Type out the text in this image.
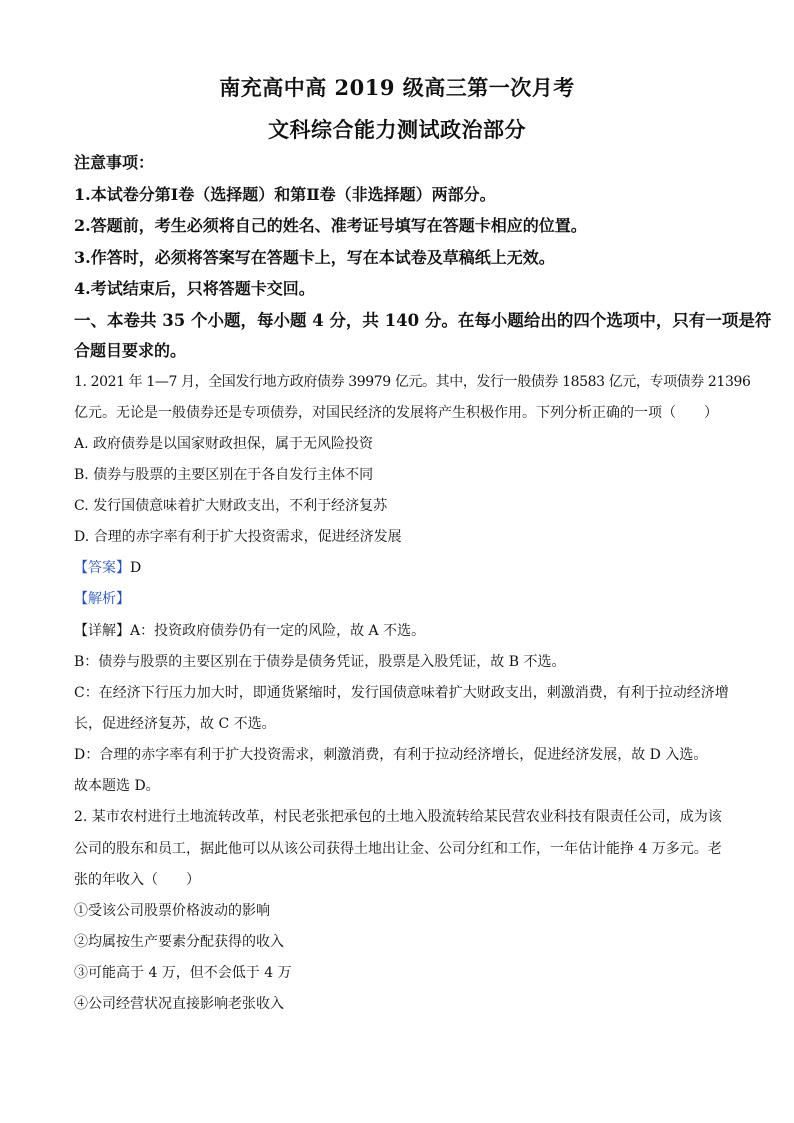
南充高中高 2019 级高三第一次月考
文科综合能力测试政治部分
注意事项：
1.本试卷分第Ⅰ卷（选择题）和第Ⅱ卷（非选择题）两部分。
2.答题前，考生必须将自己的姓名、准考证号填写在答题卡相应的位置。
3.作答时，必须将答案写在答题卡上，写在本试卷及草稿纸上无效。
4.考试结束后，只将答题卡交回。
一、本卷共 35 个小题，每小题 4 分，共 140 分。在每小题给出的四个选项中，只有一项是符
合题目要求的。
1. 2021 年 1—7 月，全国发行地方政府债券 39979 亿元。其中，发行一般债券 18583 亿元，专项债券 21396
亿元。无论是一般债券还是专项债券，对国民经济的发展将产生积极作用。下列分析正确的一项（　　）
A. 政府债券是以国家财政担保，属于无风险投资
B. 债券与股票的主要区别在于各自发行主体不同
C. 发行国债意味着扩大财政支出，不利于经济复苏
D. 合理的赤字率有利于扩大投资需求，促进经济发展
【答案】D
【解析】
【详解】A：投资政府债券仍有一定的风险，故 A 不选。
B：债券与股票的主要区别在于债券是债务凭证，股票是入股凭证，故 B 不选。
C：在经济下行压力加大时，即通货紧缩时，发行国债意味着扩大财政支出，刺激消费，有利于拉动经济增
长，促进经济复苏，故 C 不选。
D：合理的赤字率有利于扩大投资需求，刺激消费，有利于拉动经济增长，促进经济发展，故 D 入选。
故本题选 D。
2. 某市农村进行土地流转改革，村民老张把承包的土地入股流转给某民营农业科技有限责任公司，成为该
公司的股东和员工，据此他可以从该公司获得土地出让金、公司分红和工作，一年估计能挣 4 万多元。老
张的年收入（　　）
①受该公司股票价格波动的影响
②均属按生产要素分配获得的收入
③可能高于 4 万，但不会低于 4 万
④公司经营状况直接影响老张收入
